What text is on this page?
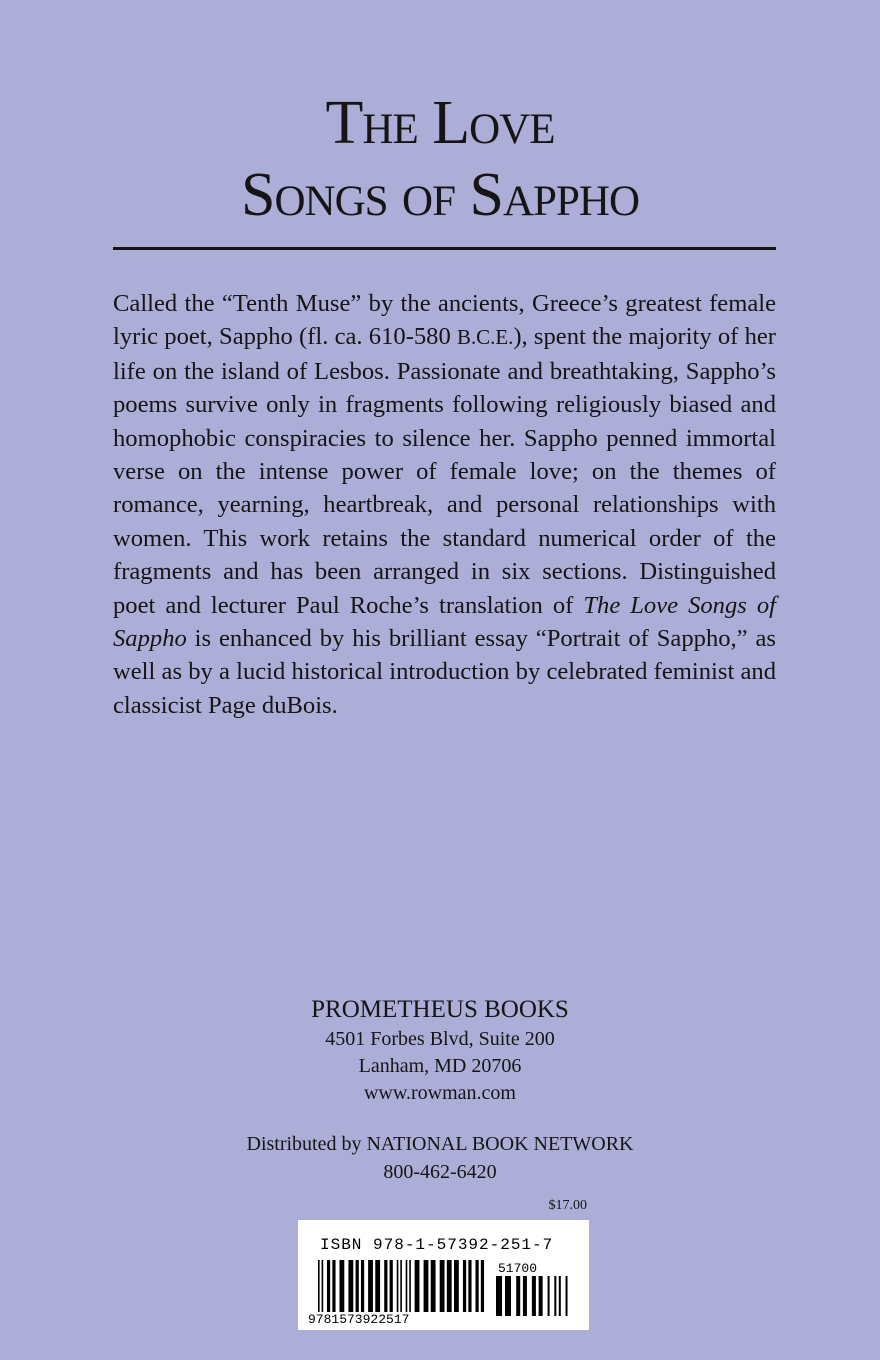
The Love
Songs of Sappho

Called the “Tenth Muse” by the ancients, Greece’s greatest female lyric poet, Sappho (fl. ca. 610-580 B.C.E.), spent the majority of her life on the island of Lesbos. Passionate and breathtaking, Sappho’s poems survive only in fragments following religiously biased and homophobic conspiracies to silence her. Sappho penned immortal verse on the intense power of female love; on the themes of romance, yearning, heartbreak, and personal relationships with women. This work retains the standard numerical order of the fragments and has been arranged in six sections. Distinguished poet and lecturer Paul Roche’s translation of The Love Songs of Sappho is enhanced by his brilliant essay “Portrait of Sappho,” as well as by a lucid historical introduction by celebrated feminist and classicist Page duBois.

PROMETHEUS BOOKS
4501 Forbes Blvd, Suite 200
Lanham, MD 20706
www.rowman.com
Distributed by NATIONAL BOOK NETWORK
800-462-6420
$17.00
ISBN 978-1-57392-251-7
9781573922517
51700
